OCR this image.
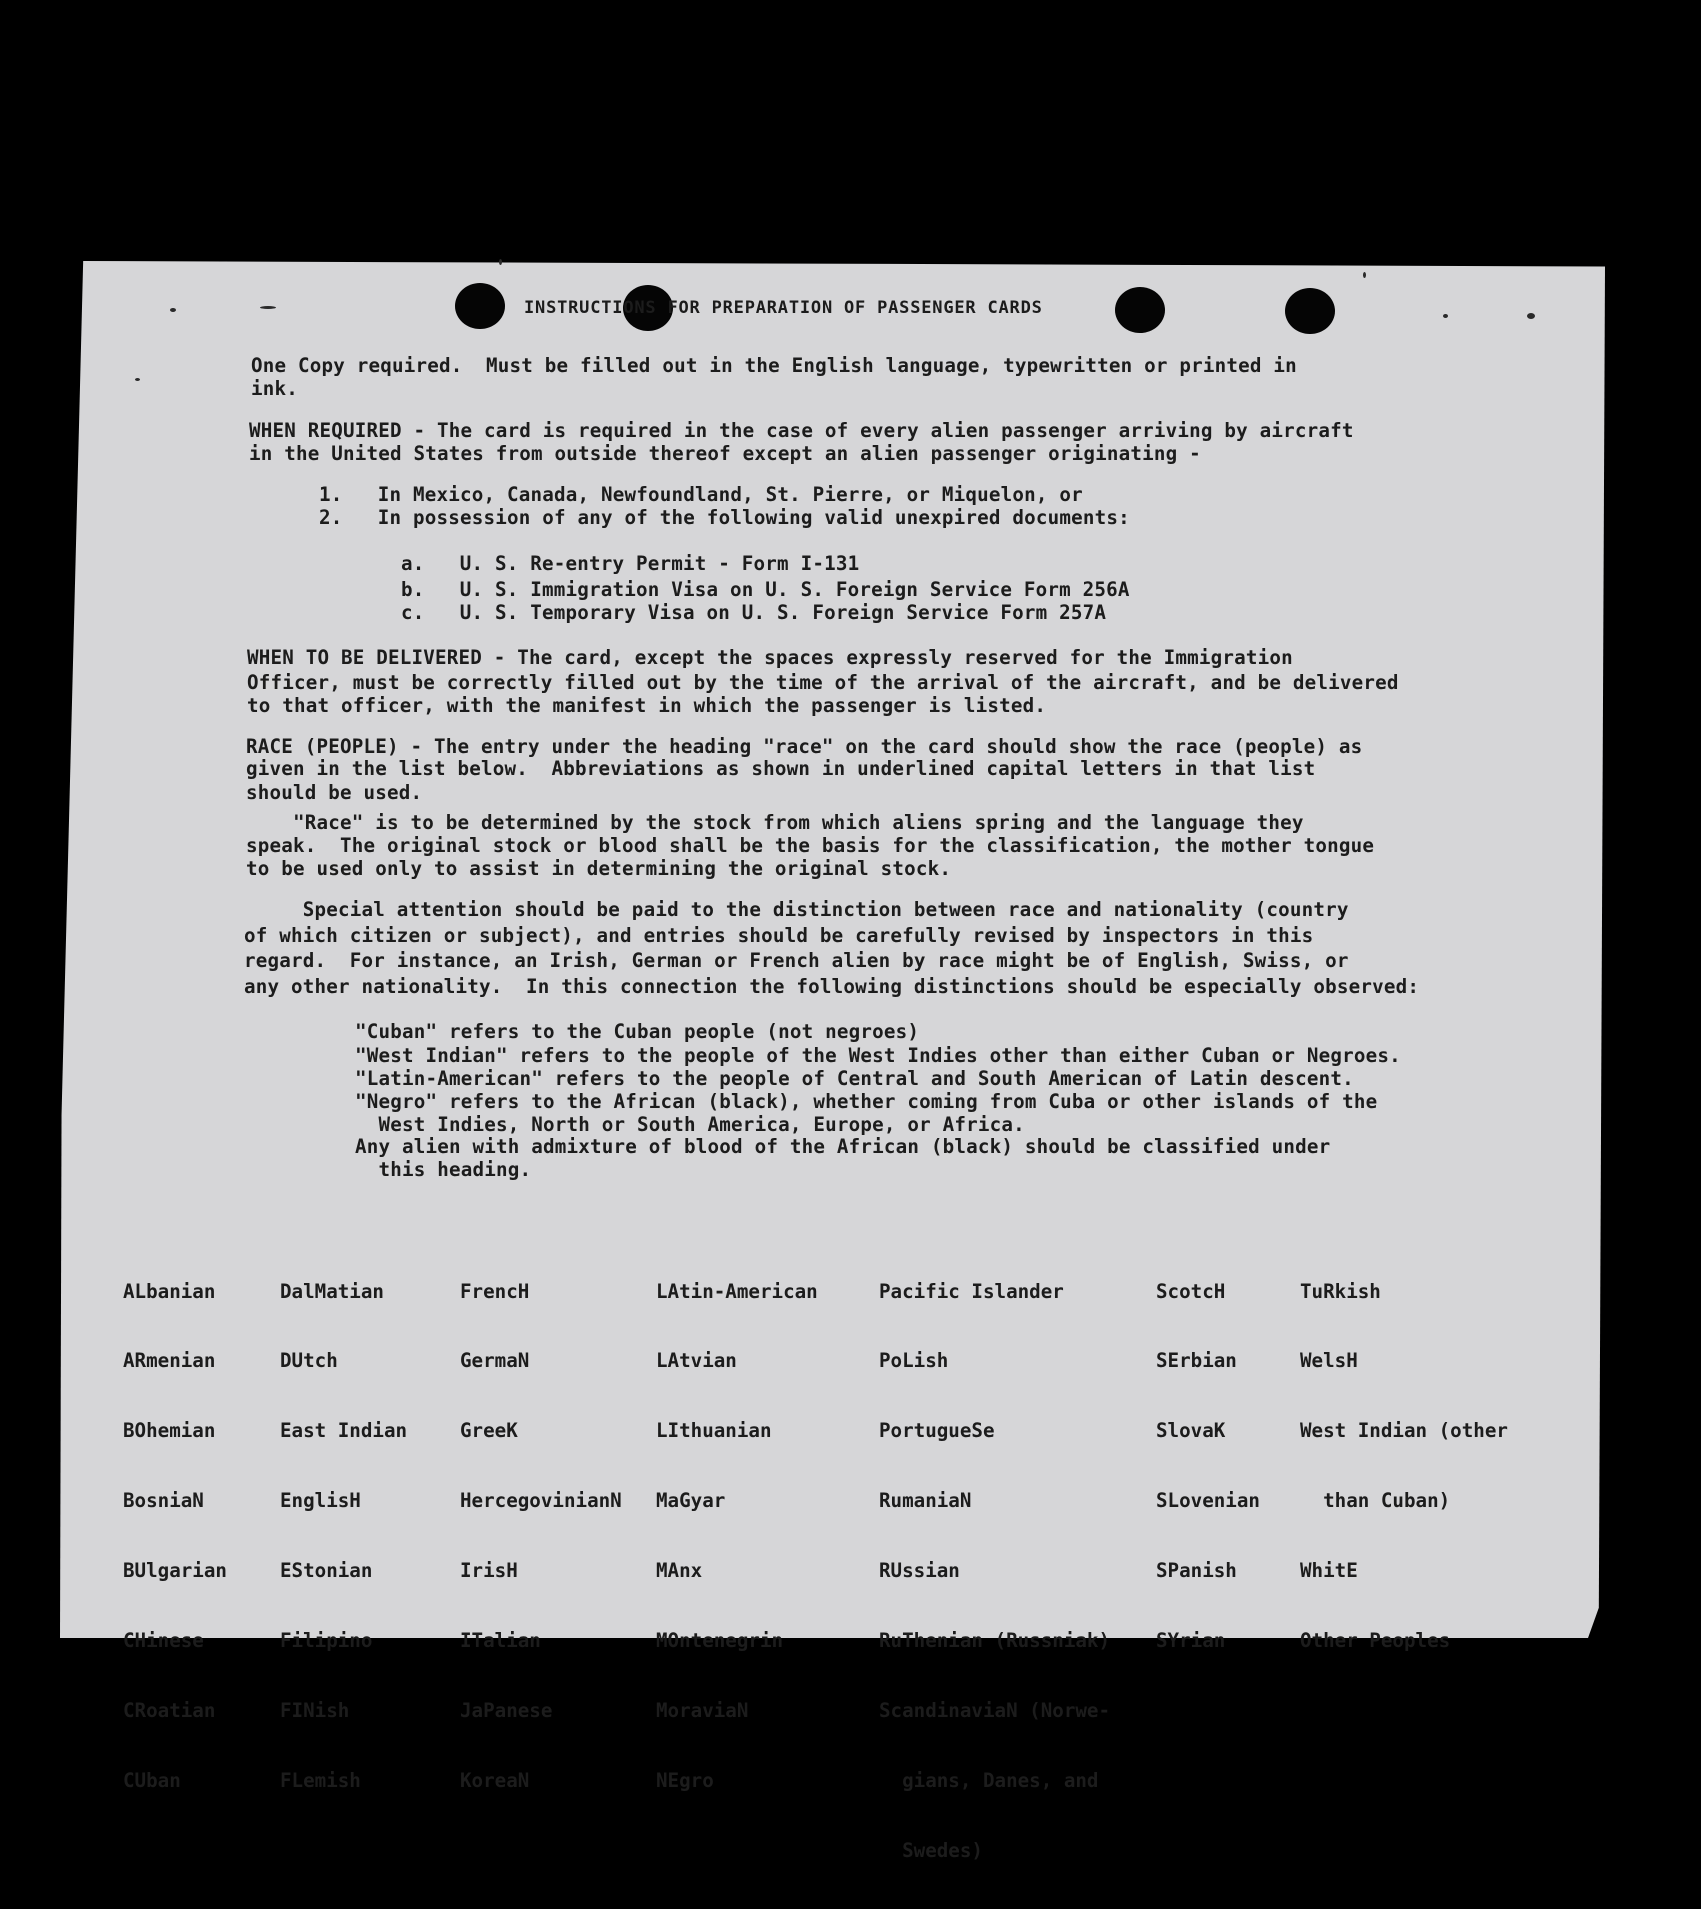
INSTRUCTIONS FOR PREPARATION OF PASSENGER CARDS

One Copy required.  Must be filled out in the English language, typewritten or printed in

ink.

WHEN REQUIRED - The card is required in the case of every alien passenger arriving by aircraft

in the United States from outside thereof except an alien passenger originating -

1.   In Mexico, Canada, Newfoundland, St. Pierre, or Miquelon, or

2.   In possession of any of the following valid unexpired documents:

a.   U. S. Re-entry Permit - Form I-131

b.   U. S. Immigration Visa on U. S. Foreign Service Form 256A

c.   U. S. Temporary Visa on U. S. Foreign Service Form 257A

WHEN TO BE DELIVERED - The card, except the spaces expressly reserved for the Immigration

Officer, must be correctly filled out by the time of the arrival of the aircraft, and be delivered

to that officer, with the manifest in which the passenger is listed.

RACE (PEOPLE) - The entry under the heading "race" on the card should show the race (people) as

given in the list below.  Abbreviations as shown in underlined capital letters in that list

should be used.

"Race" is to be determined by the stock from which aliens spring and the language they

speak.  The original stock or blood shall be the basis for the classification, the mother tongue

to be used only to assist in determining the original stock.

Special attention should be paid to the distinction between race and nationality (country

of which citizen or subject), and entries should be carefully revised by inspectors in this

regard.  For instance, an Irish, German or French alien by race might be of English, Swiss, or

any other nationality.  In this connection the following distinctions should be especially observed:

"Cuban" refers to the Cuban people (not negroes)

"West Indian" refers to the people of the West Indies other than either Cuban or Negroes.

"Latin-American" refers to the people of Central and South American of Latin descent.

"Negro" refers to the African (black), whether coming from Cuba or other islands of the

West Indies, North or South America, Europe, or Africa.

Any alien with admixture of blood of the African (black) should be classified under

this heading.

ALbanian

ARmenian

BOhemian

BosniaN

BUlgarian

CHinese

CRoatian

CUban

DalMatian

DUtch

East Indian

EnglisH

EStonian

Filipino

FINish

FLemish

FrencH

GermaN

GreeK

HercegovinianN

IrisH

ITalian

JaPanese

KoreaN

LAtin-American

LAtvian

LIthuanian

MaGyar

MAnx

MOntenegrin

MoraviaN

NEgro

Pacific Islander

PoLish

PortugueSe

RumaniaN

RUssian

RuThenian (Russniak)

ScandinaviaN (Norwe-

gians, Danes, and

Swedes)

ScotcH

SErbian

SlovaK

SLovenian

SPanish

SYrian

TuRkish

WelsH

West Indian (other

than Cuban)

WhitE

Other Peoples
